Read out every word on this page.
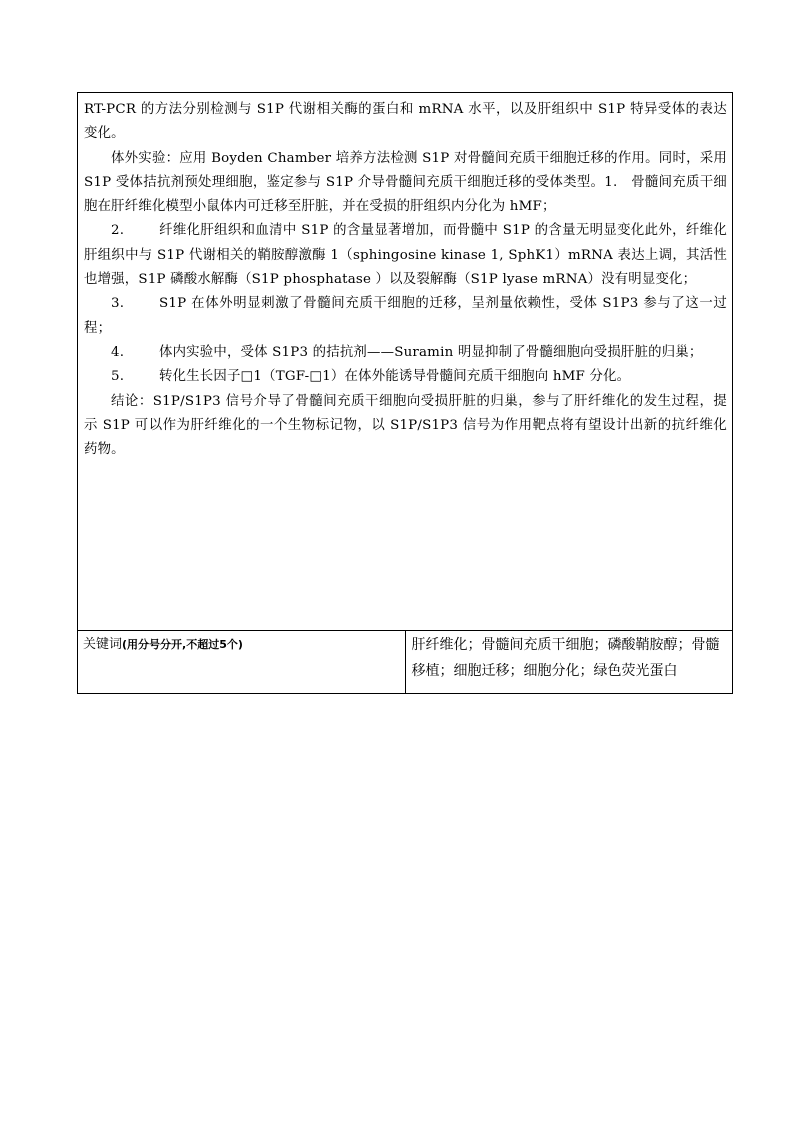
RT-PCR 的方法分别检测与 S1P 代谢相关酶的蛋白和 mRNA 水平，以及肝组织中 S1P 特异受体的表达变化。

体外实验：应用 Boyden Chamber 培养方法检测 S1P 对骨髓间充质干细胞迁移的作用。同时，采用 S1P 受体拮抗剂预处理细胞，鉴定参与 S1P 介导骨髓间充质干细胞迁移的受体类型。1.　骨髓间充质干细胞在肝纤维化模型小鼠体内可迁移至肝脏，并在受损的肝组织内分化为 hMF；

2.	纤维化肝组织和血清中 S1P 的含量显著增加，而骨髓中 S1P 的含量无明显变化此外，纤维化肝组织中与 S1P 代谢相关的鞘胺醇激酶 1（sphingosine kinase 1, SphK1）mRNA 表达上调，其活性也增强，S1P 磷酸水解酶（S1P phosphatase ）以及裂解酶（S1P lyase mRNA）没有明显变化；

3.	S1P 在体外明显刺激了骨髓间充质干细胞的迁移，呈剂量依赖性，受体 S1P3 参与了这一过程；

4.	体内实验中，受体 S1P3 的拮抗剂——Suramin 明显抑制了骨髓细胞向受损肝脏的归巢；

5.	转化生长因子□1（TGF-□1）在体外能诱导骨髓间充质干细胞向 hMF 分化。

结论：S1P/S1P3 信号介导了骨髓间充质干细胞向受损肝脏的归巢，参与了肝纤维化的发生过程，提示 S1P 可以作为肝纤维化的一个生物标记物，以 S1P/S1P3 信号为作用靶点将有望设计出新的抗纤维化药物。

关键词(用分号分开,不超过5个)	肝纤维化；骨髓间充质干细胞；磷酸鞘胺醇；骨髓移植；细胞迁移；细胞分化；绿色荧光蛋白
